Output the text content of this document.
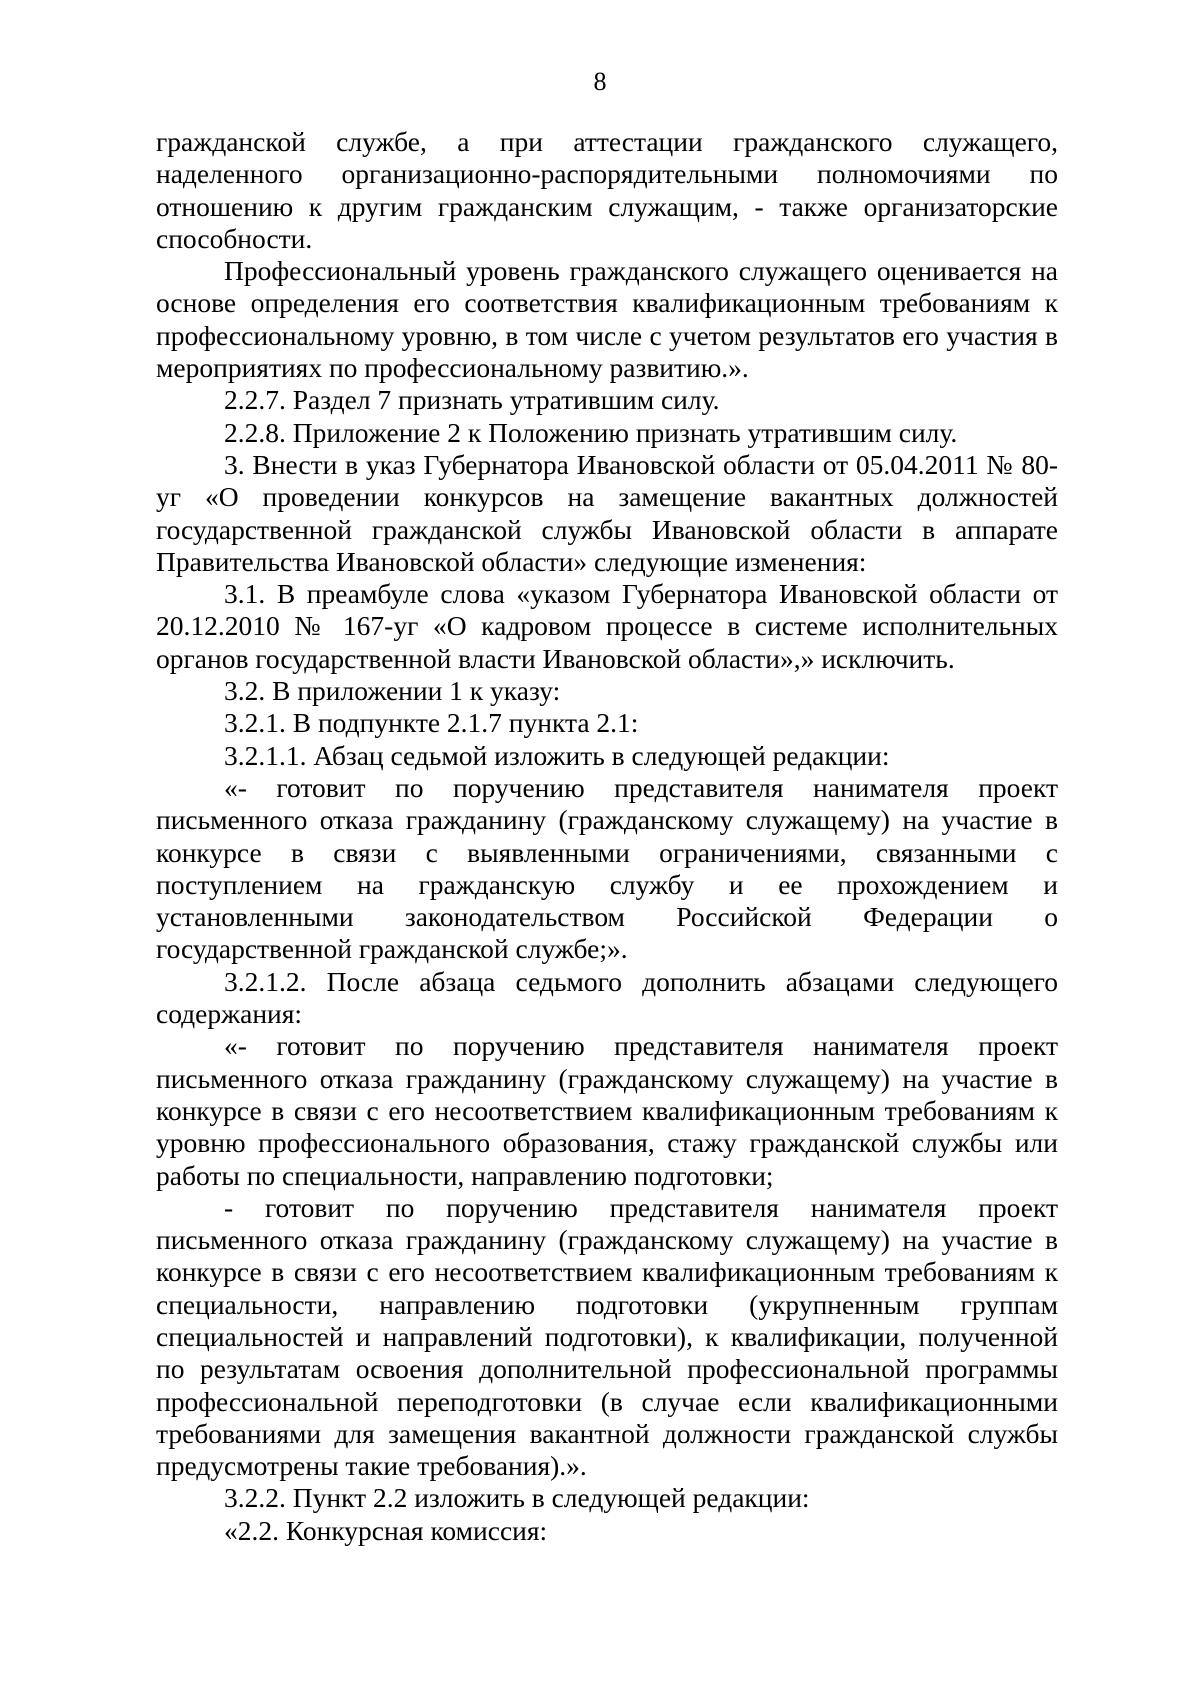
8

гражданской службе, а при аттестации гражданского служащего, наделенного организационно-распорядительными полномочиями по отношению к другим гражданским служащим, - также организаторские способности.

Профессиональный уровень гражданского служащего оценивается на основе определения его соответствия квалификационным требованиям к профессиональному уровню, в том числе с учетом результатов его участия в мероприятиях по профессиональному развитию.».

2.2.7. Раздел 7 признать утратившим силу.

2.2.8. Приложение 2 к Положению признать утратившим силу.

3. Внести в указ Губернатора Ивановской области от 05.04.2011 № 80-уг «О проведении конкурсов на замещение вакантных должностей государственной гражданской службы Ивановской области в аппарате Правительства Ивановской области» следующие изменения:

3.1. В преамбуле слова «указом Губернатора Ивановской области от 20.12.2010 № 167-уг «О кадровом процессе в системе исполнительных органов государственной власти Ивановской области»,» исключить.

3.2. В приложении 1 к указу:

3.2.1. В подпункте 2.1.7 пункта 2.1:

3.2.1.1. Абзац седьмой изложить в следующей редакции:

«- готовит по поручению представителя нанимателя проект письменного отказа гражданину (гражданскому служащему) на участие в конкурсе в связи с выявленными ограничениями, связанными с поступлением на гражданскую службу и ее прохождением и установленными законодательством Российской Федерации о государственной гражданской службе;».

3.2.1.2. После абзаца седьмого дополнить абзацами следующего содержания:

«- готовит по поручению представителя нанимателя проект письменного отказа гражданину (гражданскому служащему) на участие в конкурсе в связи с его несоответствием квалификационным требованиям к уровню профессионального образования, стажу гражданской службы или работы по специальности, направлению подготовки;

- готовит по поручению представителя нанимателя проект письменного отказа гражданину (гражданскому служащему) на участие в конкурсе в связи с его несоответствием квалификационным требованиям к специальности, направлению подготовки (укрупненным группам специальностей и направлений подготовки), к квалификации, полученной по результатам освоения дополнительной профессиональной программы профессиональной переподготовки (в случае если квалификационными требованиями для замещения вакантной должности гражданской службы предусмотрены такие требования).».

3.2.2. Пункт 2.2 изложить в следующей редакции:

«2.2. Конкурсная комиссия:
